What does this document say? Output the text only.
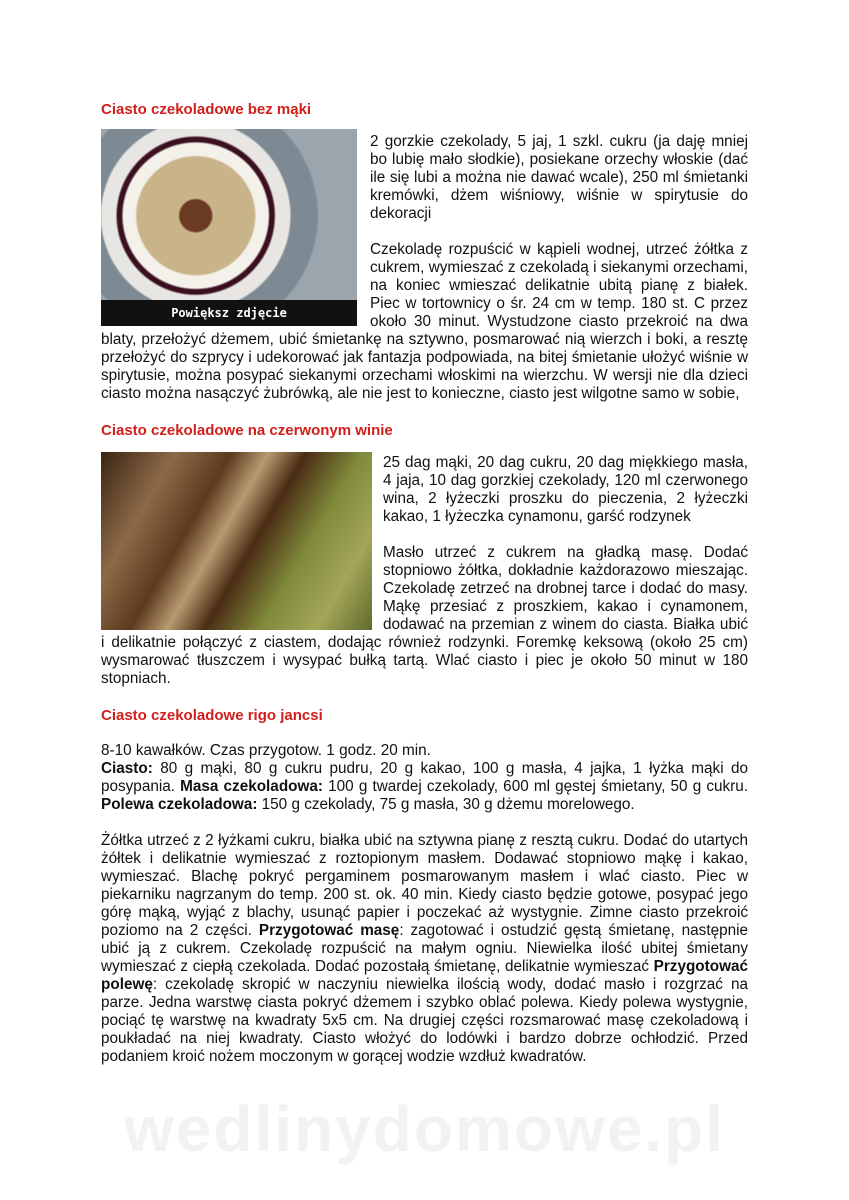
Ciasto czekoladowe bez mąki
Powiększ zdjęcie

2 gorzkie czekolady, 5 jaj, 1 szkl. cukru (ja daję mniej bo lubię mało słodkie), posiekane orzechy włoskie (dać ile się lubi a można nie dawać wcale), 250 ml śmietanki kremówki, dżem wiśniowy, wiśnie w spirytusie do dekoracji

Czekoladę rozpuścić w kąpieli wodnej, utrzeć żółtka z cukrem, wymieszać z czekoladą i siekanymi orzechami, na koniec wmieszać delikatnie ubitą pianę z białek. Piec w tortownicy o śr. 24 cm w temp. 180 st. C przez około 30 minut. Wystudzone ciasto przekroić na dwa blaty, przełożyć dżemem, ubić śmietankę na sztywno, posmarować nią wierzch i boki, a resztę przełożyć do szprycy i udekorować jak fantazja podpowiada, na bitej śmietanie ułożyć wiśnie w spirytusie, można posypać siekanymi orzechami włoskimi na wierzchu. W wersji nie dla dzieci ciasto można nasączyć żubrówką, ale nie jest to konieczne, ciasto jest wilgotne samo w sobie,

Ciasto czekoladowe na czerwonym winie

25 dag mąki, 20 dag cukru, 20 dag miękkiego masła, 4 jaja, 10 dag gorzkiej czekolady, 120 ml czerwonego wina, 2 łyżeczki proszku do pieczenia, 2 łyżeczki kakao, 1 łyżeczka cynamonu, garść rodzynek

Masło utrzeć z cukrem na gładką masę. Dodać stopniowo żółtka, dokładnie każdorazowo mieszając. Czekoladę zetrzeć na drobnej tarce i dodać do masy. Mąkę przesiać z proszkiem, kakao i cynamonem, dodawać na przemian z winem do ciasta. Białka ubić i delikatnie połączyć z ciastem, dodając również rodzynki. Foremkę keksową (około 25 cm) wysmarować tłuszczem i wysypać bułką tartą. Wlać ciasto i piec je około 50 minut w 180 stopniach.

Ciasto czekoladowe rigo jancsi

8-10 kawałków. Czas przygotow. 1 godz. 20 min.

Ciasto: 80 g mąki, 80 g cukru pudru, 20 g kakao, 100 g masła, 4 jajka, 1 łyżka mąki do posypania. Masa czekoladowa: 100 g twardej czekolady, 600 ml gęstej śmietany, 50 g cukru. Polewa czekoladowa: 150 g czekolady, 75 g masła, 30 g dżemu morelowego.

Żółtka utrzeć z 2 łyżkami cukru, białka ubić na sztywna pianę z resztą cukru. Dodać do utartych żółtek i delikatnie wymieszać z roztopionym masłem. Dodawać stopniowo mąkę i kakao, wymieszać. Blachę pokryć pergaminem posmarowanym masłem i wlać ciasto. Piec w piekarniku nagrzanym do temp. 200 st. ok. 40 min. Kiedy ciasto będzie gotowe, posypać jego górę mąką, wyjąć z blachy, usunąć papier i poczekać aż wystygnie. Zimne ciasto przekroić poziomo na 2 części. Przygotować masę: zagotować i ostudzić gęstą śmietanę, następnie ubić ją z cukrem. Czekoladę rozpuścić na małym ogniu. Niewielka ilość ubitej śmietany wymieszać z ciepłą czekolada. Dodać pozostałą śmietanę, delikatnie wymieszać Przygotować polewę: czekoladę skropić w naczyniu niewielka ilością wody, dodać masło i rozgrzać na parze. Jedna warstwę ciasta pokryć dżemem i szybko oblać polewa. Kiedy polewa wystygnie, pociąć tę warstwę na kwadraty 5x5 cm. Na drugiej części rozsmarować masę czekoladową i poukładać na niej kwadraty. Ciasto włożyć do lodówki i bardzo dobrze ochłodzić. Przed podaniem kroić nożem moczonym w gorącej wodzie wzdłuż kwadratów.

wedlinydomowe.pl
